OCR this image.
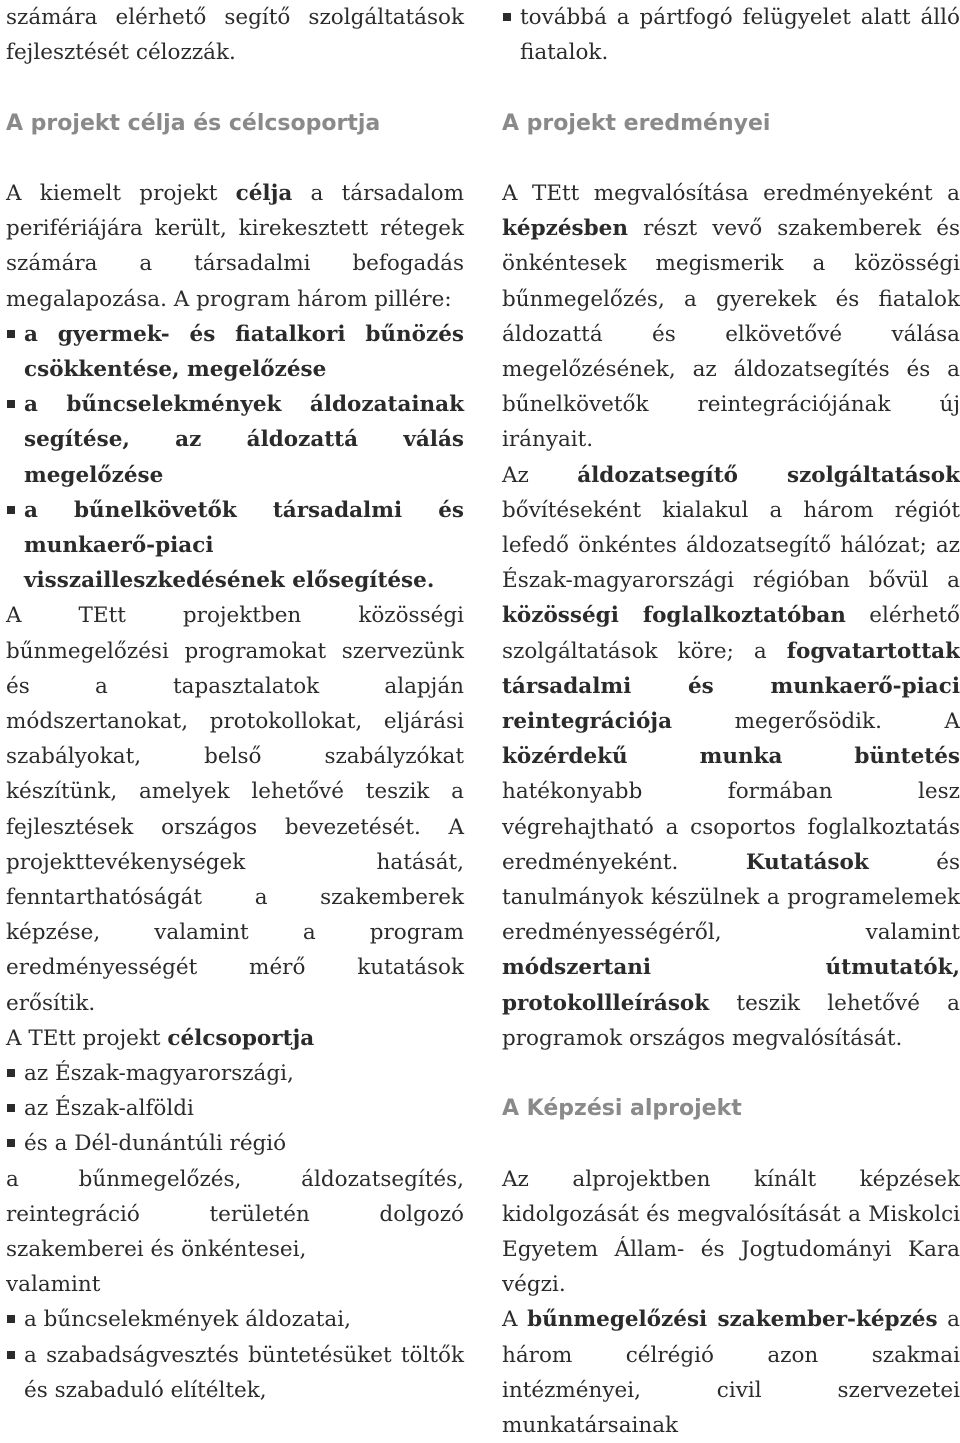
számára elérhető segítő szolgáltatások fejlesztését célozzák.

A projekt célja és célcsoportja

A kiemelt projekt célja a társadalom perifériájára került, kirekesztett rétegek számára a társadalmi befogadás megalapozása. A program három pillére:

a gyermek- és fiatalkori bűnözés csökkentése, megelőzése

a bűncselekmények áldozatainak segítése, az áldozattá válás megelőzése

a bűnelkövetők társadalmi és munkaerő-piaci visszailleszkedésének elősegítése.

A TEtt projektben közösségi bűnmegelőzési programokat szervezünk és a tapasztalatok alapján módszertanokat, protokollokat, eljárási szabályokat, belső szabályzókat készítünk, amelyek lehetővé teszik a fejlesztések országos bevezetését. A projekttevékenységek hatását, fenntarthatóságát a szakemberek képzése, valamint a program eredményességét mérő kutatások erősítik.

A TEtt projekt célcsoportja

az Észak-magyarországi,

az Észak-alföldi

és a Dél-dunántúli régió

a bűnmegelőzés, áldozatsegítés, reintegráció területén dolgozó szakemberei és önkéntesei,

valamint

a bűncselekmények áldozatai,

a szabadságvesztés büntetésüket töltők és szabaduló elítéltek,

továbbá a pártfogó felügyelet alatt álló fiatalok.

A projekt eredményei

A TEtt megvalósítása eredményeként a képzésben részt vevő szakemberek és önkéntesek megismerik a közösségi bűnmegelőzés, a gyerekek és fiatalok áldozattá és elkövetővé válása megelőzésének, az áldozatsegítés és a bűnelkövetők reintegrációjának új irányait.

Az áldozatsegítő szolgáltatások bővítéseként kialakul a három régiót lefedő önkéntes áldozatsegítő hálózat; az Észak-magyarországi régióban bővül a közösségi foglalkoztatóban elérhető szolgáltatások köre; a fogvatartottak társadalmi és munkaerő-piaci reintegrációja megerősödik. A közérdekű munka büntetés hatékonyabb formában lesz végrehajtható a csoportos foglalkoztatás eredményeként. Kutatások és tanulmányok készülnek a programelemek eredményességéről, valamint módszertani útmutatók, protokollleírások teszik lehetővé a programok országos megvalósítását.

A Képzési alprojekt

Az alprojektben kínált képzések kidolgozását és megvalósítását a Miskolci Egyetem Állam- és Jogtudományi Kara végzi.

A bűnmegelőzési szakember-képzés a három célrégió azon szakmai intézményei, civil szervezetei munkatársainak
